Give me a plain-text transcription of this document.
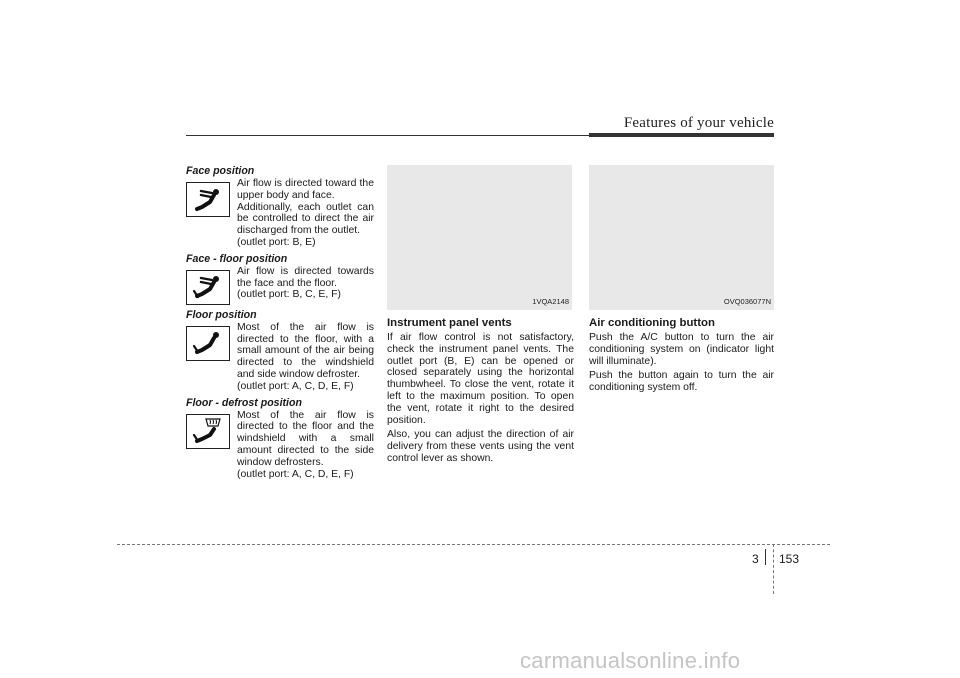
Features of your vehicle
Face position

Air flow is directed toward the upper body and face.

Additionally, each outlet can be controlled to direct the air discharged from the outlet.

(outlet port: B, E)

Face - floor position

Air flow is directed towards the face and the floor.

(outlet port: B, C, E, F)

Floor position

Most of the air flow is directed to the floor, with a small amount of the air being directed to the windshield and side window defroster.

(outlet port: A, C, D, E, F)

Floor - defrost position

Most of the air flow is directed to the floor and the windshield with a small amount directed to the side window defrosters.

(outlet port: A, C, D, E, F)

1VQA2148
Instrument panel vents

If air flow control is not satisfactory, check the instrument panel vents. The outlet port (B, E) can be opened or closed separately using the horizontal thumbwheel. To close the vent, rotate it left to the maximum position. To open the vent, rotate it right to the desired position.

Also, you can adjust the direction of air delivery from these vents using the vent control lever as shown.

OVQ036077N
Air conditioning button

Push the A/C button to turn the air conditioning system on (indicator light will illuminate).

Push the button again to turn the air conditioning system off.

3 153
carmanualsonline.info
